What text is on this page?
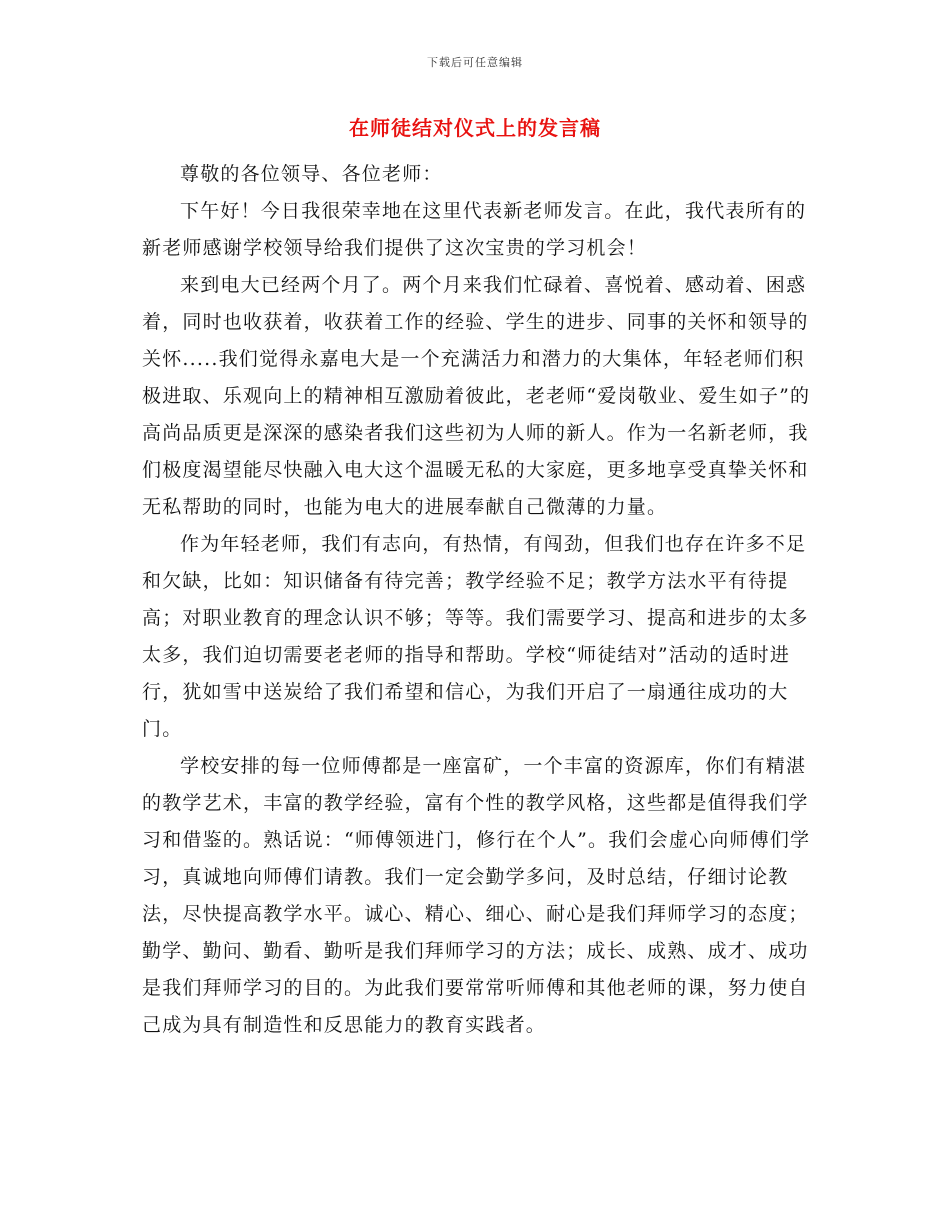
下载后可任意编辑
在师徒结对仪式上的发言稿

尊敬的各位领导、各位老师：

下午好！今日我很荣幸地在这里代表新老师发言。在此，我代表所有的新老师感谢学校领导给我们提供了这次宝贵的学习机会！

来到电大已经两个月了。两个月来我们忙碌着、喜悦着、感动着、困惑着，同时也收获着，收获着工作的经验、学生的进步、同事的关怀和领导的关怀.....我们觉得永嘉电大是一个充满活力和潜力的大集体，年轻老师们积极进取、乐观向上的精神相互激励着彼此，老老师“爱岗敬业、爱生如子”的高尚品质更是深深的感染者我们这些初为人师的新人。作为一名新老师，我们极度渴望能尽快融入电大这个温暖无私的大家庭，更多地享受真挚关怀和无私帮助的同时，也能为电大的进展奉献自己微薄的力量。

作为年轻老师，我们有志向，有热情，有闯劲，但我们也存在许多不足和欠缺，比如：知识储备有待完善；教学经验不足；教学方法水平有待提高；对职业教育的理念认识不够；等等。我们需要学习、提高和进步的太多太多，我们迫切需要老老师的指导和帮助。学校“师徒结对”活动的适时进行，犹如雪中送炭给了我们希望和信心，为我们开启了一扇通往成功的大门。

学校安排的每一位师傅都是一座富矿，一个丰富的资源库，你们有精湛的教学艺术，丰富的教学经验，富有个性的教学风格，这些都是值得我们学习和借鉴的。熟话说：“师傅领进门，修行在个人”。我们会虚心向师傅们学习，真诚地向师傅们请教。我们一定会勤学多问，及时总结，仔细讨论教法，尽快提高教学水平。诚心、精心、细心、耐心是我们拜师学习的态度；勤学、勤问、勤看、勤听是我们拜师学习的方法；成长、成熟、成才、成功是我们拜师学习的目的。为此我们要常常听师傅和其他老师的课，努力使自己成为具有制造性和反思能力的教育实践者。
